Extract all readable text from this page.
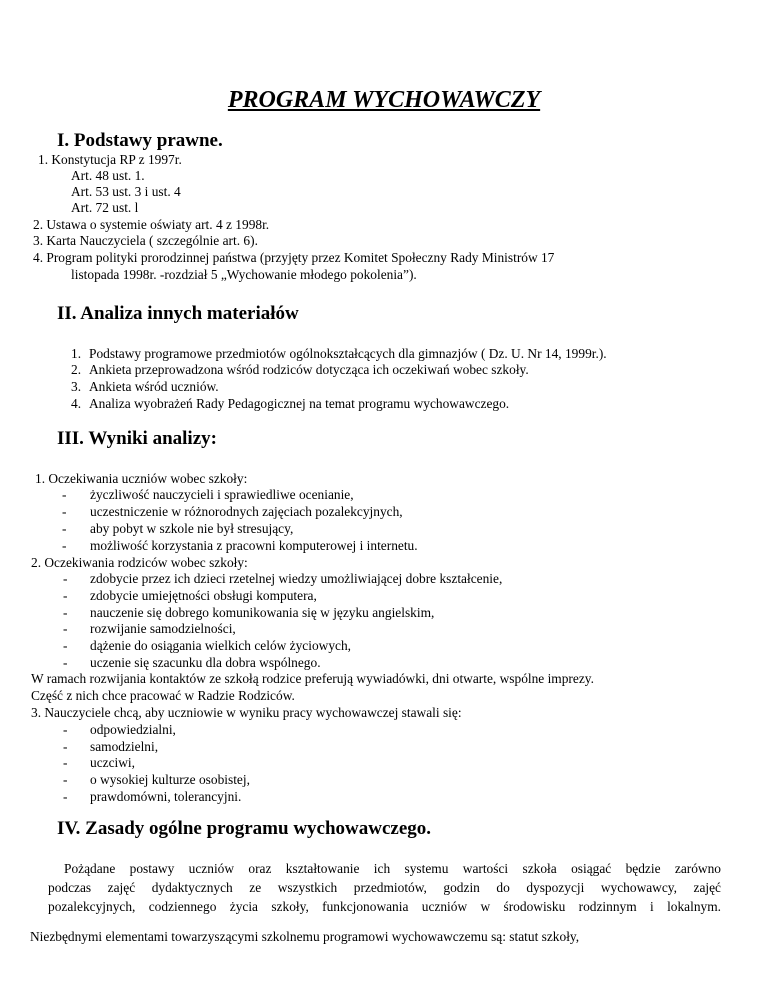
PROGRAM WYCHOWAWCZY
I. Podstawy prawne.
1. Konstytucja RP z 1997r.
Art. 48 ust. 1.
Art. 53 ust. 3 i ust. 4
Art. 72 ust. l
2. Ustawa o systemie oświaty art. 4 z 1998r.
3. Karta Nauczyciela ( szczególnie art. 6).
4. Program polityki prorodzinnej państwa (przyjęty przez Komitet Społeczny Rady Ministrów 17
listopada 1998r. -rozdział 5 „Wychowanie młodego pokolenia”).
II. Analiza innych materiałów
1. Podstawy programowe przedmiotów ogólnokształcących dla gimnazjów ( Dz. U. Nr 14, 1999r.).
2. Ankieta przeprowadzona wśród rodziców dotycząca ich oczekiwań wobec szkoły.
3. Ankieta wśród uczniów.
4. Analiza wyobrażeń Rady Pedagogicznej na temat programu wychowawczego.
III. Wyniki analizy:
1. Oczekiwania uczniów wobec szkoły:
- życzliwość nauczycieli i sprawiedliwe ocenianie,
- uczestniczenie w różnorodnych zajęciach pozalekcyjnych,
- aby pobyt w szkole nie był stresujący,
- możliwość korzystania z pracowni komputerowej i internetu.
2. Oczekiwania rodziców wobec szkoły:
- zdobycie przez ich dzieci rzetelnej wiedzy umożliwiającej dobre kształcenie,
- zdobycie umiejętności obsługi komputera,
- nauczenie się dobrego komunikowania się w języku angielskim,
- rozwijanie samodzielności,
- dążenie do osiągania wielkich celów życiowych,
- uczenie się szacunku dla dobra wspólnego.
W ramach rozwijania kontaktów ze szkołą rodzice preferują wywiadówki, dni otwarte, wspólne imprezy.
Część z nich chce pracować w Radzie Rodziców.
3. Nauczyciele chcą, aby uczniowie w wyniku pracy wychowawczej stawali się:
- odpowiedzialni,
- samodzielni,
- uczciwi,
- o wysokiej kulturze osobistej,
- prawdomówni, tolerancyjni.
IV. Zasady ogólne programu wychowawczego.
Pożądane postawy uczniów oraz kształtowanie ich systemu wartości szkoła osiągać będzie zarówno
podczas zajęć dydaktycznych ze wszystkich przedmiotów, godzin do dyspozycji wychowawcy, zajęć
pozalekcyjnych, codziennego życia szkoły, funkcjonowania uczniów w środowisku rodzinnym i lokalnym.
Niezbędnymi elementami towarzyszącymi szkolnemu programowi wychowawczemu są: statut szkoły,
